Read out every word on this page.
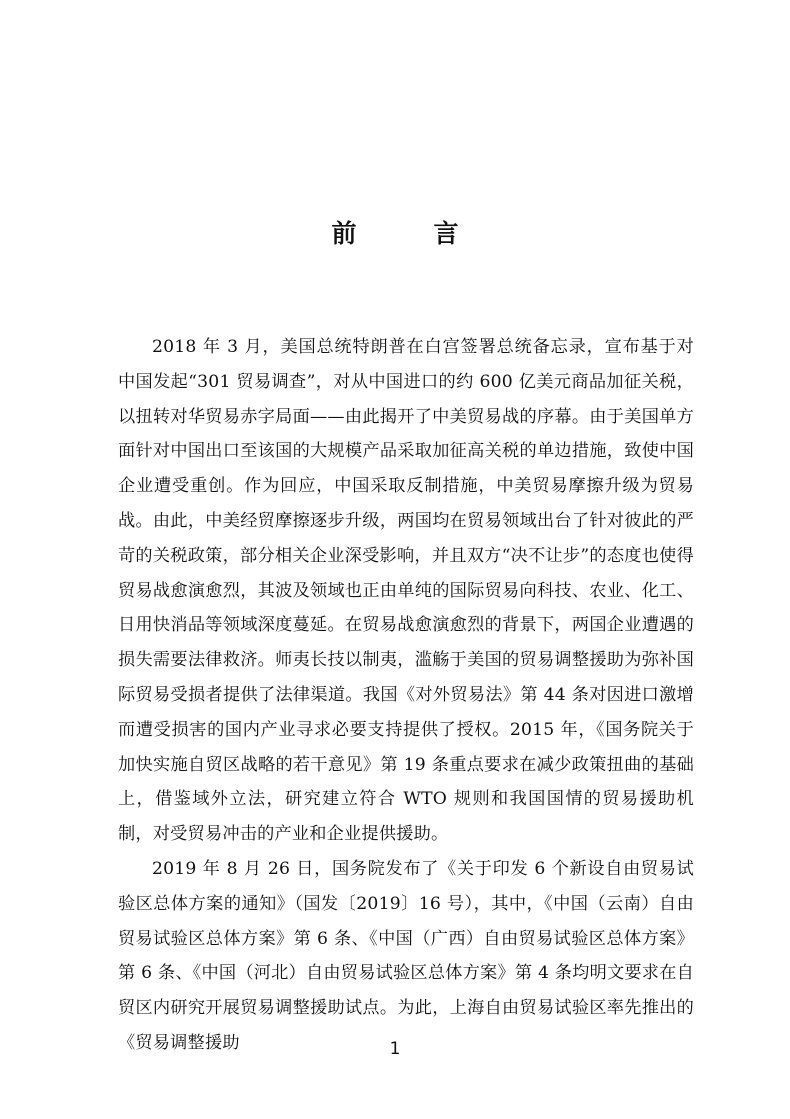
前　言

2018 年 3 月，美国总统特朗普在白宫签署总统备忘录，宣布基于对中国发起“301 贸易调查”，对从中国进口的约 600 亿美元商品加征关税，以扭转对华贸易赤字局面——由此揭开了中美贸易战的序幕。由于美国单方面针对中国出口至该国的大规模产品采取加征高关税的单边措施，致使中国企业遭受重创。作为回应，中国采取反制措施，中美贸易摩擦升级为贸易战。由此，中美经贸摩擦逐步升级，两国均在贸易领域出台了针对彼此的严苛的关税政策，部分相关企业深受影响，并且双方“决不让步”的态度也使得贸易战愈演愈烈，其波及领域也正由单纯的国际贸易向科技、农业、化工、日用快消品等领域深度蔓延。在贸易战愈演愈烈的背景下，两国企业遭遇的损失需要法律救济。师夷长技以制夷，滥觞于美国的贸易调整援助为弥补国际贸易受损者提供了法律渠道。我国《对外贸易法》第 44 条对因进口激增而遭受损害的国内产业寻求必要支持提供了授权。2015 年，《国务院关于加快实施自贸区战略的若干意见》第 19 条重点要求在减少政策扭曲的基础上，借鉴域外立法，研究建立符合 WTO 规则和我国国情的贸易援助机制，对受贸易冲击的产业和企业提供援助。

2019 年 8 月 26 日，国务院发布了《关于印发 6 个新设自由贸易试验区总体方案的通知》（国发〔2019〕16 号），其中，《中国（云南）自由贸易试验区总体方案》第 6 条、《中国（广西）自由贸易试验区总体方案》第 6 条、《中国（河北）自由贸易试验区总体方案》第 4 条均明文要求在自贸区内研究开展贸易调整援助试点。为此，上海自由贸易试验区率先推出的《贸易调整援助	1
